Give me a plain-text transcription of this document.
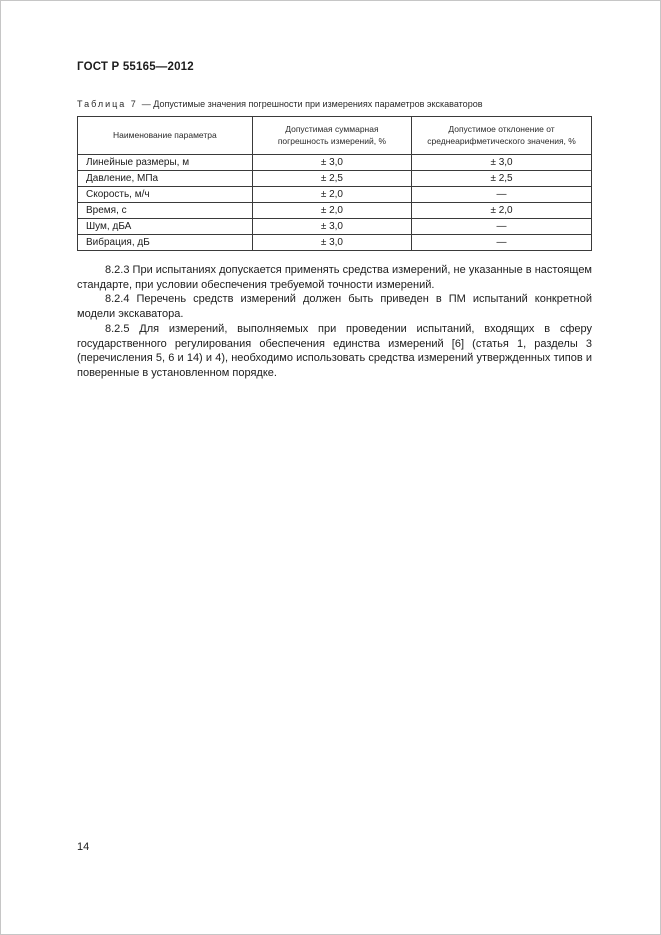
ГОСТ Р 55165—2012
Таблица 7 — Допустимые значения погрешности при измерениях параметров экскаваторов
Наименование параметра	Допустимая суммарная погрешность измерений, %	Допустимое отклонение от среднеарифметического значения, %
Линейные размеры, м	± 3,0	± 3,0
Давление, МПа	± 2,5	± 2,5
Скорость, м/ч	± 2,0	—
Время, с	± 2,0	± 2,0
Шум, дБА	± 3,0	—
Вибрация, дБ	± 3,0	—

8.2.3 При испытаниях допускается применять средства измерений, не указанные в настоящем стандарте, при условии обеспечения требуемой точности измерений.

8.2.4 Перечень средств измерений должен быть приведен в ПМ испытаний конкретной модели экскаватора.

8.2.5 Для измерений, выполняемых при проведении испытаний, входящих в сферу государственного регулирования обеспечения единства измерений [6] (статья 1, разделы 3 (перечисления 5, 6 и 14) и 4), необходимо использовать средства измерений утвержденных типов и поверенные в установленном порядке.

14
